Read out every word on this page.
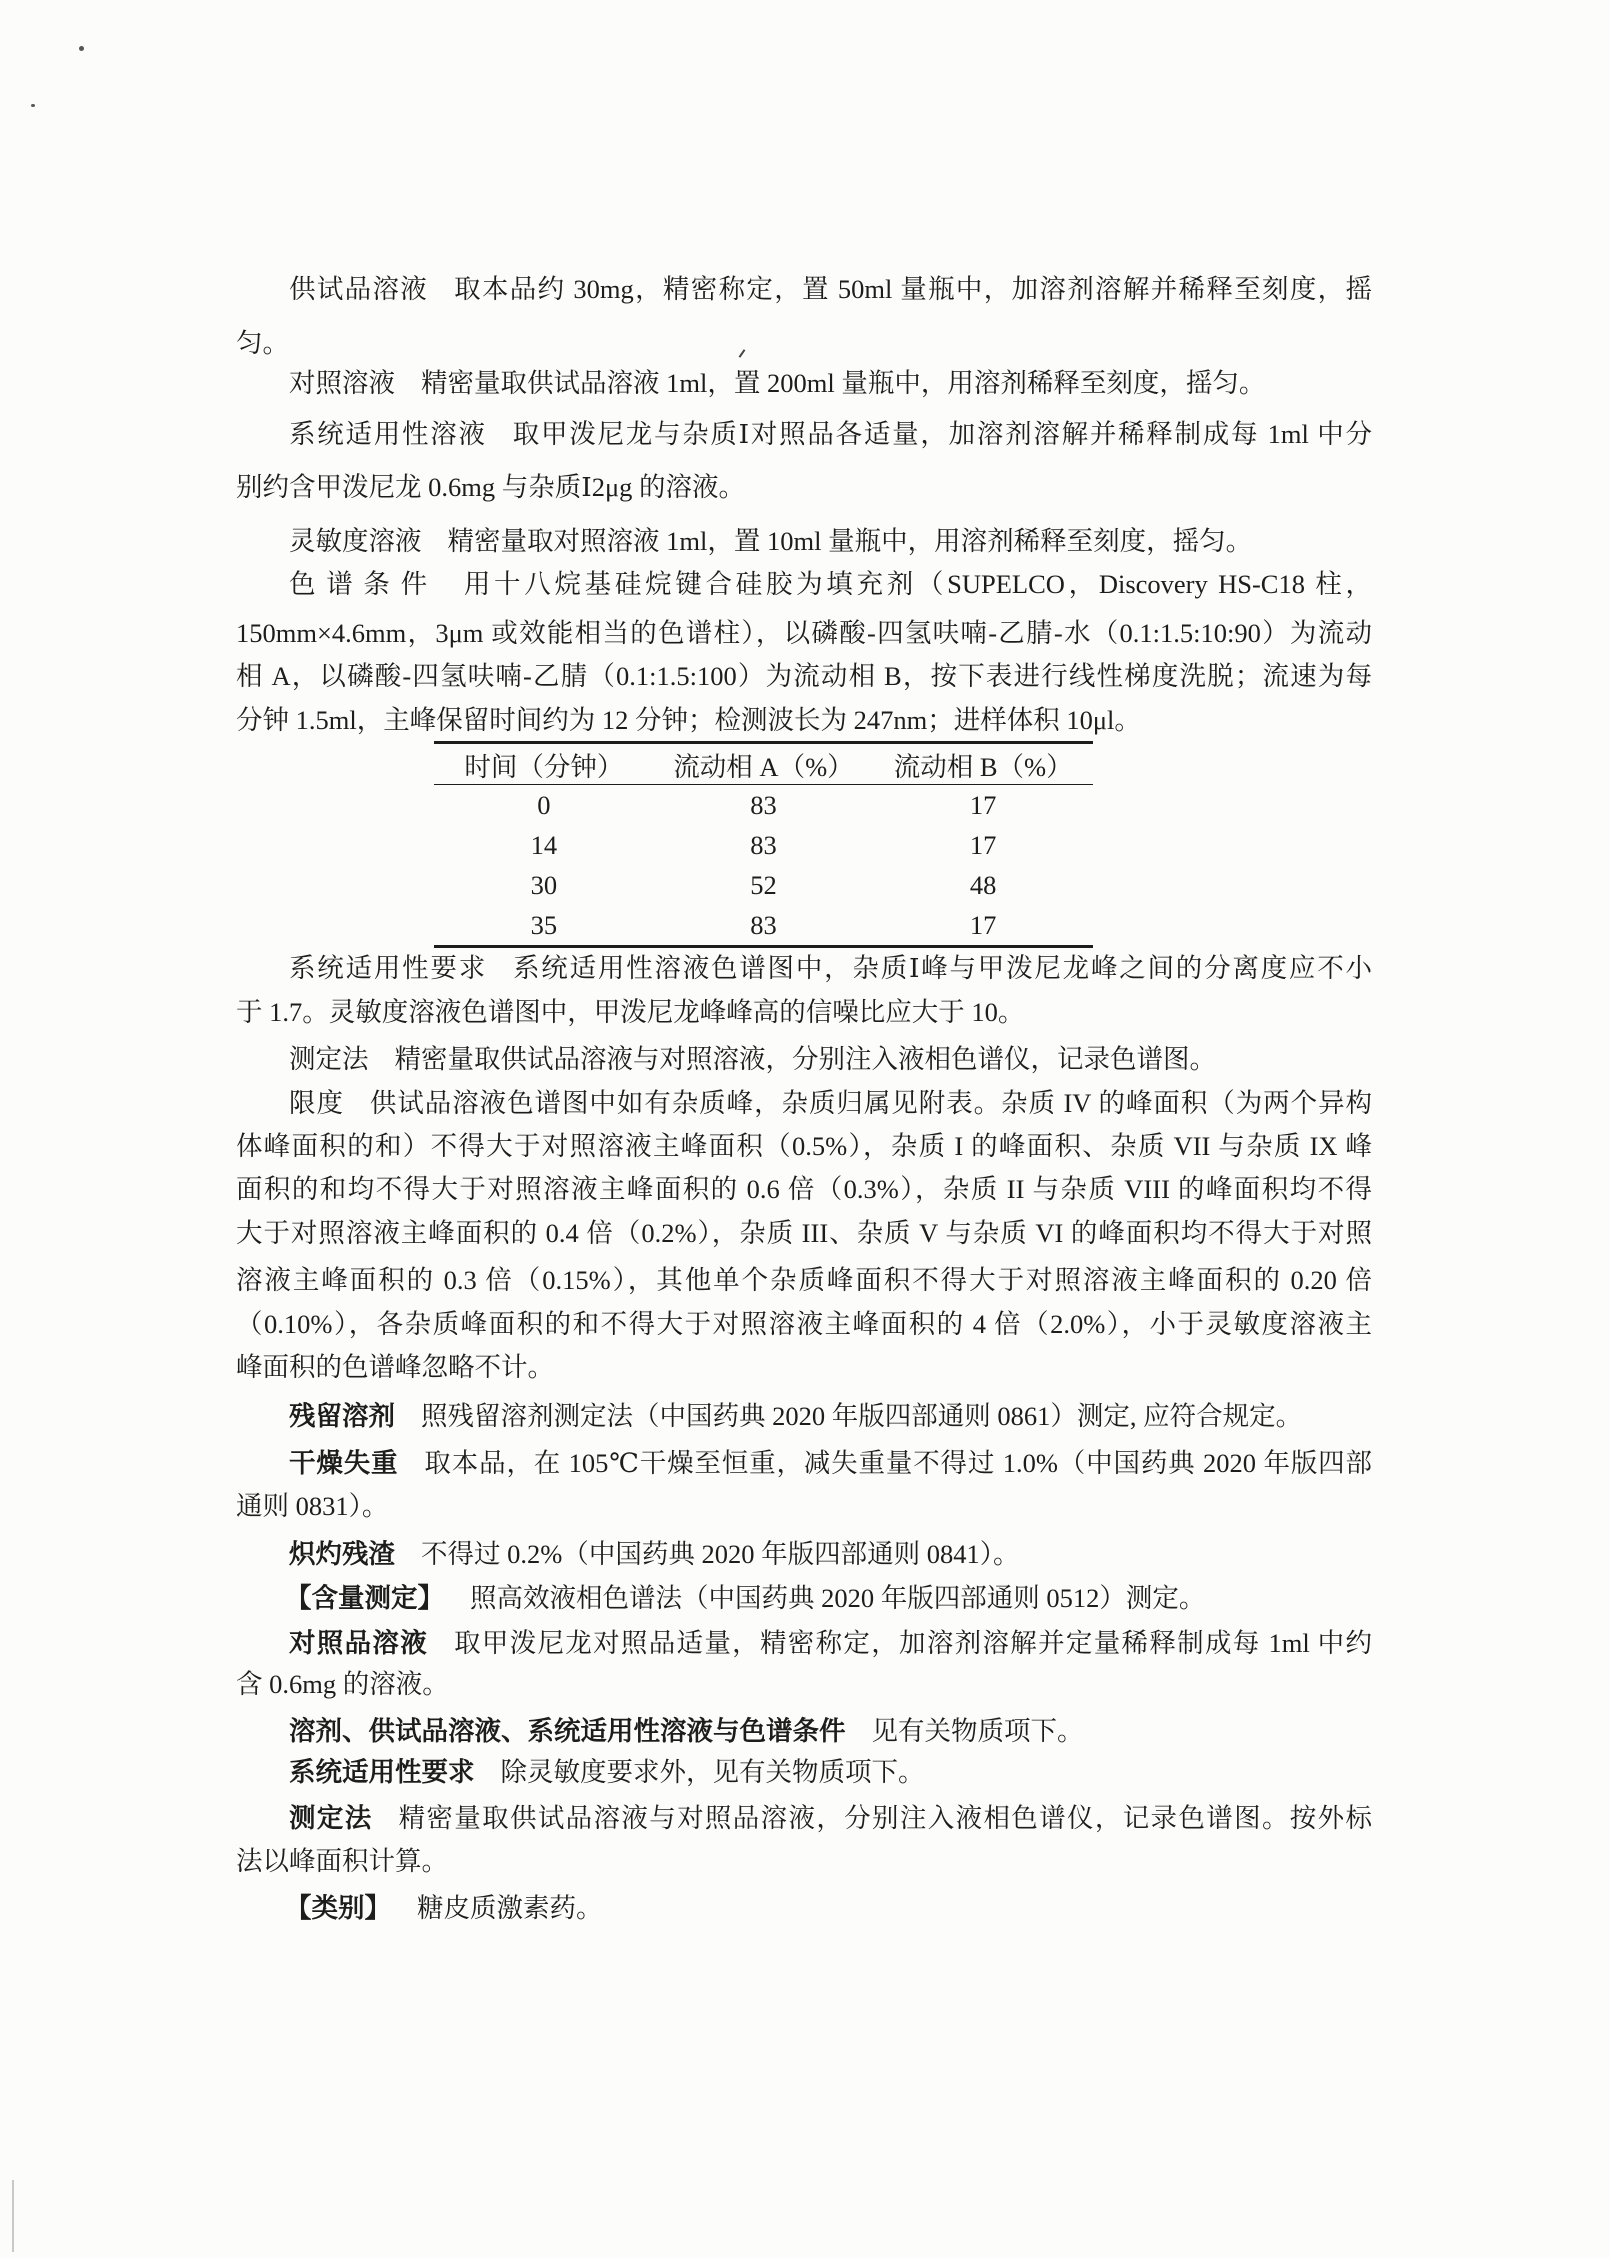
供试品溶液 取本品约 30mg，精密称定，置 50ml 量瓶中，加溶剂溶解并稀释至刻度，摇
匀。
对照溶液 精密量取供试品溶液 1ml，置 200ml 量瓶中，用溶剂稀释至刻度，摇匀。
系统适用性溶液 取甲泼尼龙与杂质Ⅰ对照品各适量，加溶剂溶解并稀释制成每 1ml 中分
别约含甲泼尼龙 0.6mg 与杂质Ⅰ2μg 的溶液。
灵敏度溶液 精密量取对照溶液 1ml，置 10ml 量瓶中，用溶剂稀释至刻度，摇匀。
色谱条件 用十八烷基硅烷键合硅胶为填充剂（SUPELCO，Discovery HS-C18 柱，
150mm×4.6mm，3μm 或效能相当的色谱柱），以磷酸-四氢呋喃-乙腈-水（0.1:1.5:10:90）为流动
相 A，以磷酸-四氢呋喃-乙腈（0.1:1.5:100）为流动相 B，按下表进行线性梯度洗脱；流速为每
分钟 1.5ml，主峰保留时间约为 12 分钟；检测波长为 247nm；进样体积 10μl。
时间（分钟）	流动相 A（%）	流动相 B（%）
0	83	17
14	83	17
30	52	48
35	83	17
系统适用性要求 系统适用性溶液色谱图中，杂质Ⅰ峰与甲泼尼龙峰之间的分离度应不小
于 1.7。灵敏度溶液色谱图中，甲泼尼龙峰峰高的信噪比应大于 10。
测定法 精密量取供试品溶液与对照溶液，分别注入液相色谱仪，记录色谱图。
限度 供试品溶液色谱图中如有杂质峰，杂质归属见附表。杂质 IV 的峰面积（为两个异构
体峰面积的和）不得大于对照溶液主峰面积（0.5%），杂质 I 的峰面积、杂质 VII 与杂质 IX 峰
面积的和均不得大于对照溶液主峰面积的 0.6 倍（0.3%），杂质 II 与杂质 VIII 的峰面积均不得
大于对照溶液主峰面积的 0.4 倍（0.2%），杂质 III、杂质 V 与杂质 VI 的峰面积均不得大于对照
溶液主峰面积的 0.3 倍（0.15%），其他单个杂质峰面积不得大于对照溶液主峰面积的 0.20 倍
（0.10%），各杂质峰面积的和不得大于对照溶液主峰面积的 4 倍（2.0%），小于灵敏度溶液主
峰面积的色谱峰忽略不计。
残留溶剂 照残留溶剂测定法（中国药典 2020 年版四部通则 0861）测定, 应符合规定。
干燥失重 取本品，在 105℃干燥至恒重，减失重量不得过 1.0%（中国药典 2020 年版四部
通则 0831）。
炽灼残渣 不得过 0.2%（中国药典 2020 年版四部通则 0841）。
【含量测定】 照高效液相色谱法（中国药典 2020 年版四部通则 0512）测定。
对照品溶液 取甲泼尼龙对照品适量，精密称定，加溶剂溶解并定量稀释制成每 1ml 中约
含 0.6mg 的溶液。
溶剂、供试品溶液、系统适用性溶液与色谱条件 见有关物质项下。
系统适用性要求 除灵敏度要求外，见有关物质项下。
测定法 精密量取供试品溶液与对照品溶液，分别注入液相色谱仪，记录色谱图。按外标
法以峰面积计算。
【类别】 糖皮质激素药。
